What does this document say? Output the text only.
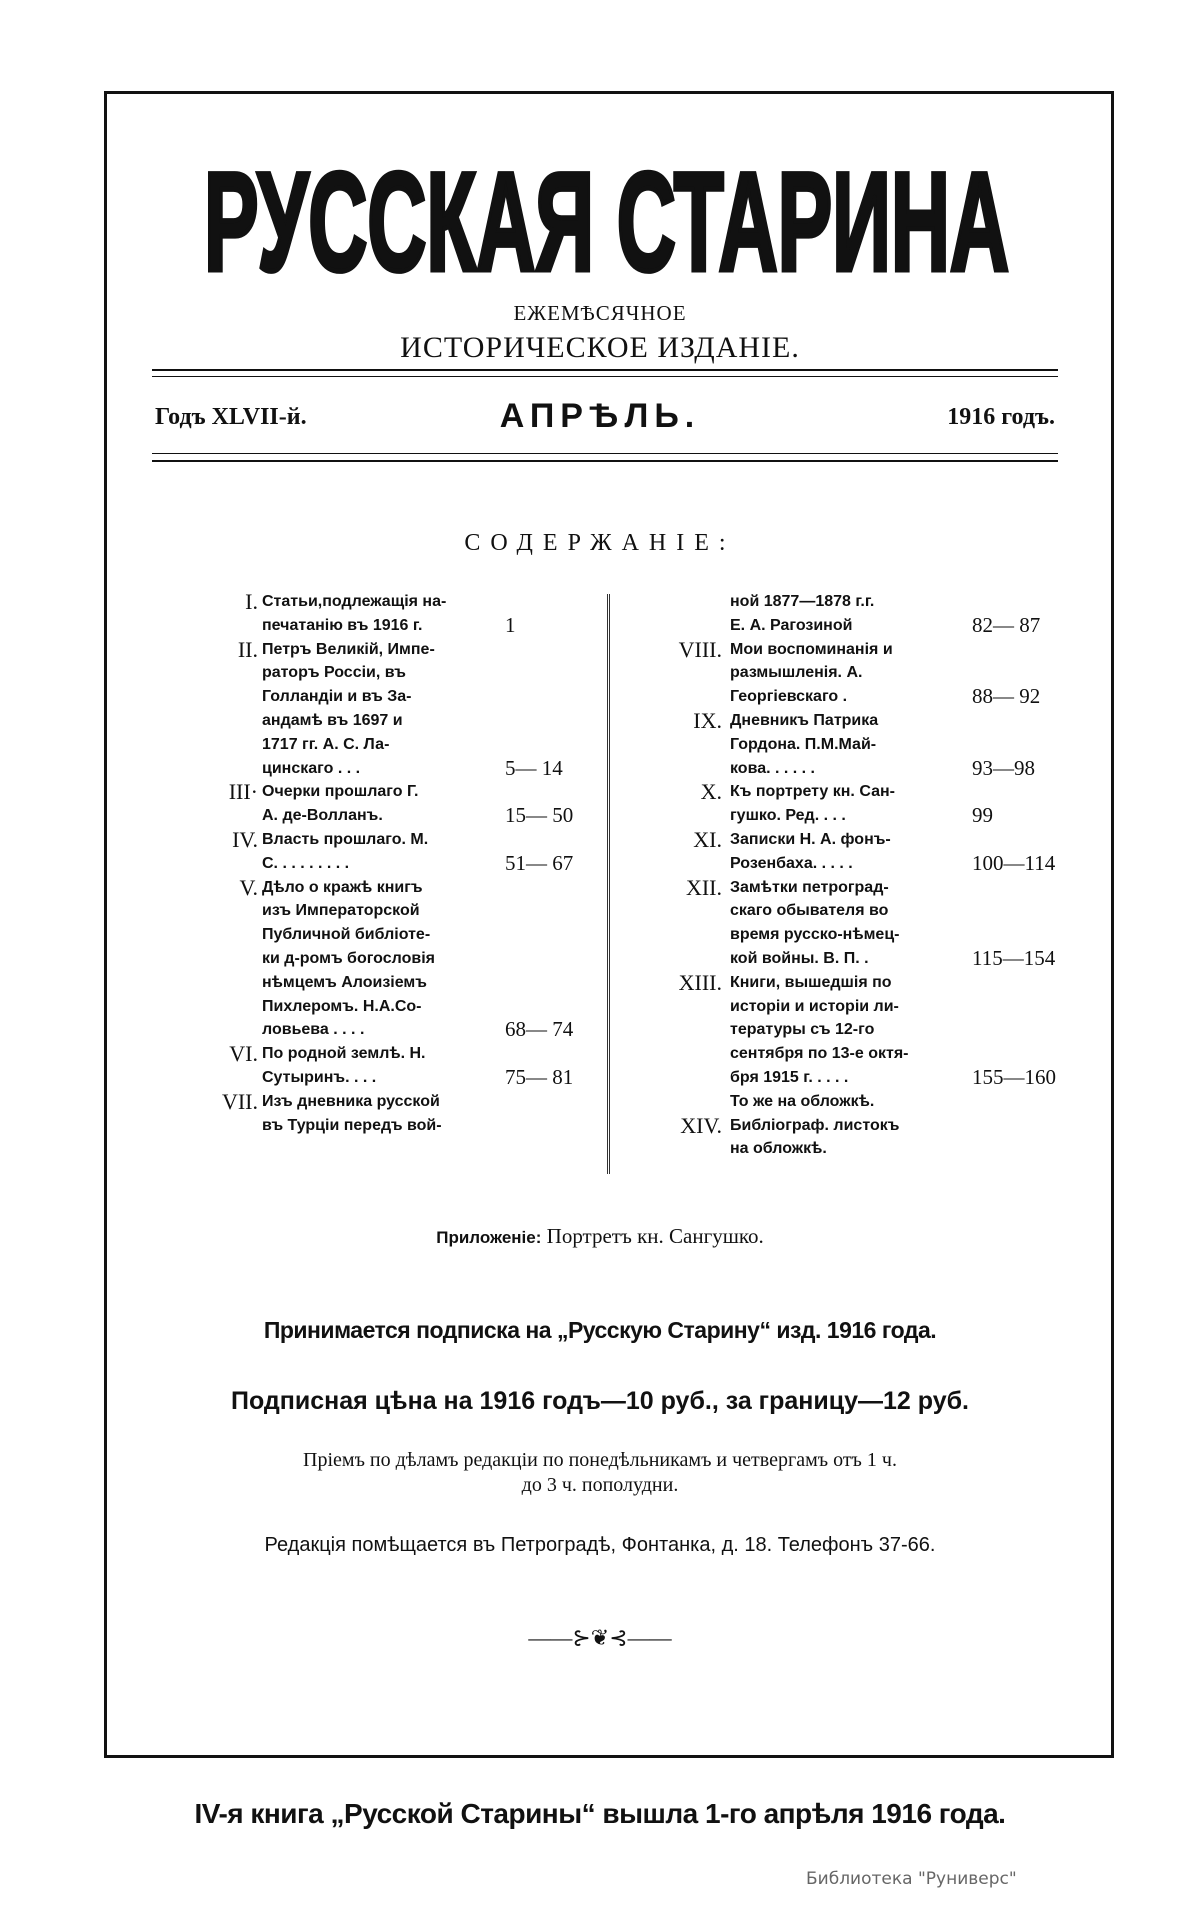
РУССКАЯ СТАРИНА
ЕЖЕМѢСЯЧНОЕ
ИСТОРИЧЕСКОЕ ИЗДАНІЕ.
Годъ XLVII-й.	АПРѢЛЬ.	1916 годъ.
СОДЕРЖАНІЕ:
I. Статьи,подлежащія на-
печатанію въ 1916 г.	1
II. Петръ Великій, Импе-
раторъ Россіи, въ
Голландіи и въ За-
андамѣ въ 1697 и
1717 гг. А. С. Ла-
цинскаго . . .	5— 14
III· Очерки прошлаго Г.
А. де-Волланъ.	15— 50
IV. Власть прошлаго. М.
С. . . . . . . . .	51— 67
V. Дѣло о кражѣ книгъ
изъ Императорской
Публичной библіоте-
ки д-ромъ богословія
нѣмцемъ Алоизіемъ
Пихлеромъ. Н.А.Со-
ловьева . . . .	68— 74
VI. По родной землѣ. Н.
Сутыринъ. . . .	75— 81
VII. Изъ дневника русской
въ Турціи передъ вой-
ной 1877—1878 г.г.
Е. А. Рагозиной	82— 87
VIII. Мои воспоминанія и
размышленія. А.
Георгіевскаго .	88— 92
IX. Дневникъ Патрика
Гордона. П.М.Май-
кова. . . . . .	93—98
X. Къ портрету кн. Сан-
гушко. Ред. . . .	99
XI. Записки Н. А. фонъ-
Розенбаха. . . . .	100—114
XII. Замѣтки петроград-
скаго обывателя во
время русско-нѣмец-
кой войны. В. П. .	115—154
XIII. Книги, вышедшія по
исторіи и исторіи ли-
тературы съ 12-го
сентября по 13-е октя-
бря 1915 г. . . . .	155—160
То же на обложкѣ.
XIV. Библіограф. листокъ
на обложкѣ.
Приложеніе: Портретъ кн. Сангушко.
Принимается подписка на „Русскую Старину“ изд. 1916 года.
Подписная цѣна на 1916 годъ—10 руб., за границу—12 руб.
Пріемъ по дѣламъ редакціи по понедѣльникамъ и четвергамъ отъ 1 ч.
до 3 ч. пополудни.
Редакція помѣщается въ Петроградѣ, Фонтанка, д. 18. Телефонъ 37-66.
——⊱❦⊰——
IV-я книга „Русской Старины“ вышла 1-го апрѣля 1916 года.
Библиотека "Руниверс"
